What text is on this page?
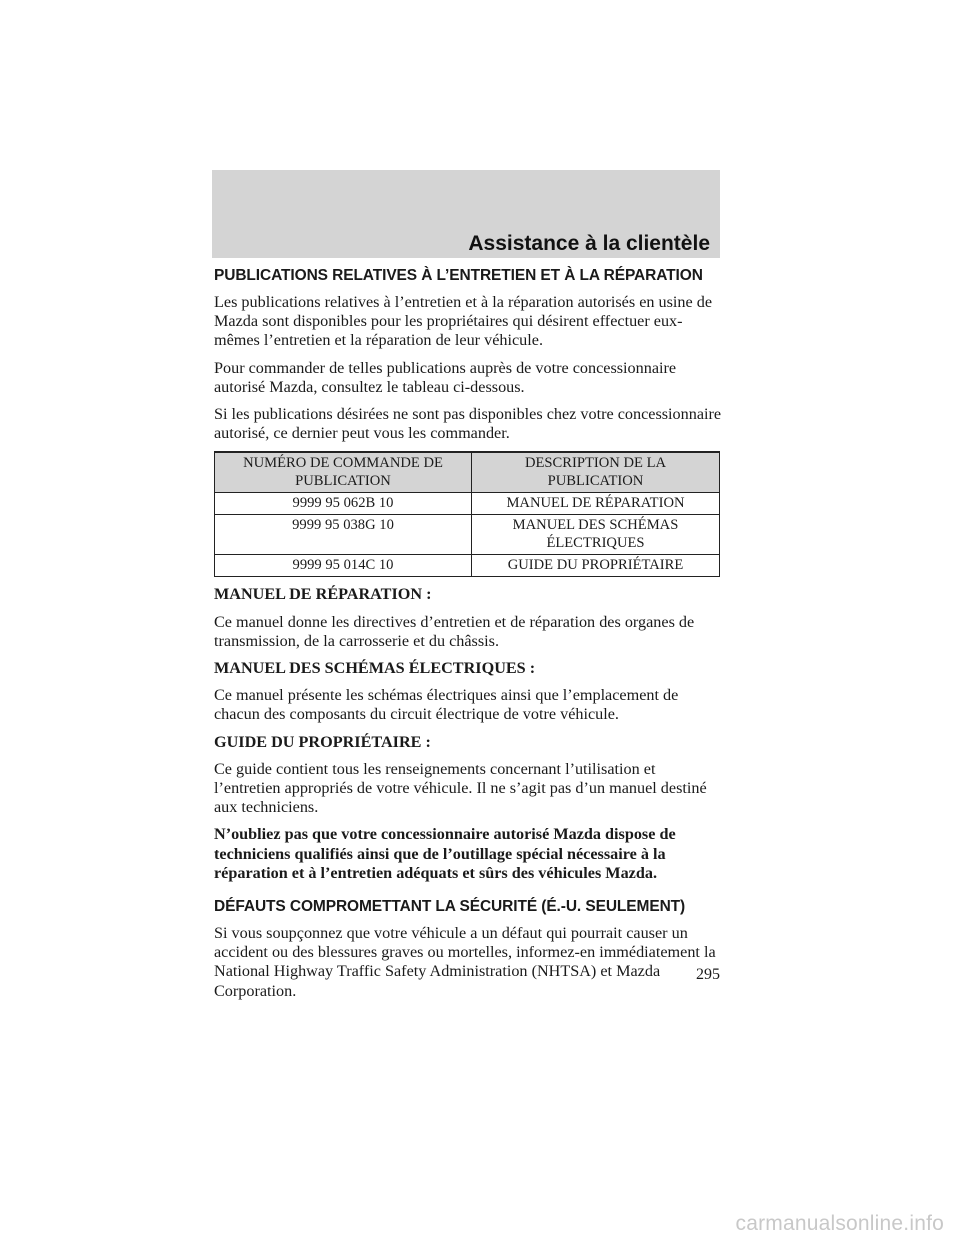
Assistance à la clientèle
PUBLICATIONS RELATIVES À L’ENTRETIEN ET À LA RÉPARATION

Les publications relatives à l’entretien et à la réparation autorisés en usine de Mazda sont disponibles pour les propriétaires qui désirent effectuer eux-mêmes l’entretien et la réparation de leur véhicule.

Pour commander de telles publications auprès de votre concessionnaire autorisé Mazda, consultez le tableau ci-dessous.

Si les publications désirées ne sont pas disponibles chez votre concessionnaire autorisé, ce dernier peut vous les commander.

NUMÉRO DE COMMANDE DE PUBLICATION	DESCRIPTION DE LA PUBLICATION
9999 95 062B 10	MANUEL DE RÉPARATION
9999 95 038G 10	MANUEL DES SCHÉMAS ÉLECTRIQUES
9999 95 014C 10	GUIDE DU PROPRIÉTAIRE
MANUEL DE RÉPARATION :

Ce manuel donne les directives d’entretien et de réparation des organes de transmission, de la carrosserie et du châssis.

MANUEL DES SCHÉMAS ÉLECTRIQUES :

Ce manuel présente les schémas électriques ainsi que l’emplacement de chacun des composants du circuit électrique de votre véhicule.

GUIDE DU PROPRIÉTAIRE :

Ce guide contient tous les renseignements concernant l’utilisation et l’entretien appropriés de votre véhicule. Il ne s’agit pas d’un manuel destiné aux techniciens.

N’oubliez pas que votre concessionnaire autorisé Mazda dispose de techniciens qualifiés ainsi que de l’outillage spécial nécessaire à la réparation et à l’entretien adéquats et sûrs des véhicules Mazda.

DÉFAUTS COMPROMETTANT LA SÉCURITÉ (É.-U. SEULEMENT)

Si vous soupçonnez que votre véhicule a un défaut qui pourrait causer un accident ou des blessures graves ou mortelles, informez-en immédiatement la National Highway Traffic Safety Administration (NHTSA) et Mazda Corporation.

295
carmanualsonline.info
